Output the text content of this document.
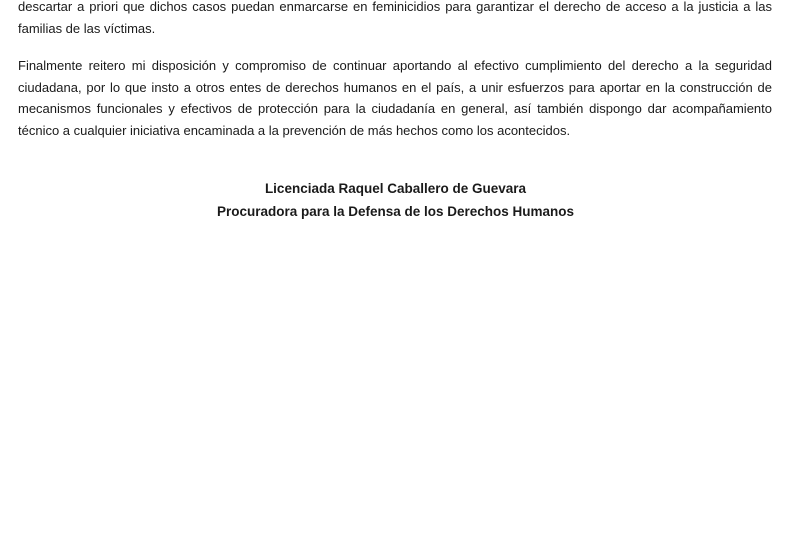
descartar a priori que dichos casos puedan enmarcarse en feminicidios para garantizar el derecho de acceso a la justicia a las
familias de las víctimas.
Finalmente reitero mi disposición y compromiso de continuar aportando al efectivo cumplimiento del derecho a la seguridad
ciudadana, por lo que insto a otros entes de derechos humanos en el país, a unir esfuerzos para aportar en la construcción de
mecanismos funcionales y efectivos de protección para la ciudadanía en general, así también dispongo dar acompañamiento
técnico a cualquier iniciativa encaminada a la prevención de más hechos como los acontecidos.
Licenciada Raquel Caballero de Guevara
Procuradora para la Defensa de los Derechos Humanos
